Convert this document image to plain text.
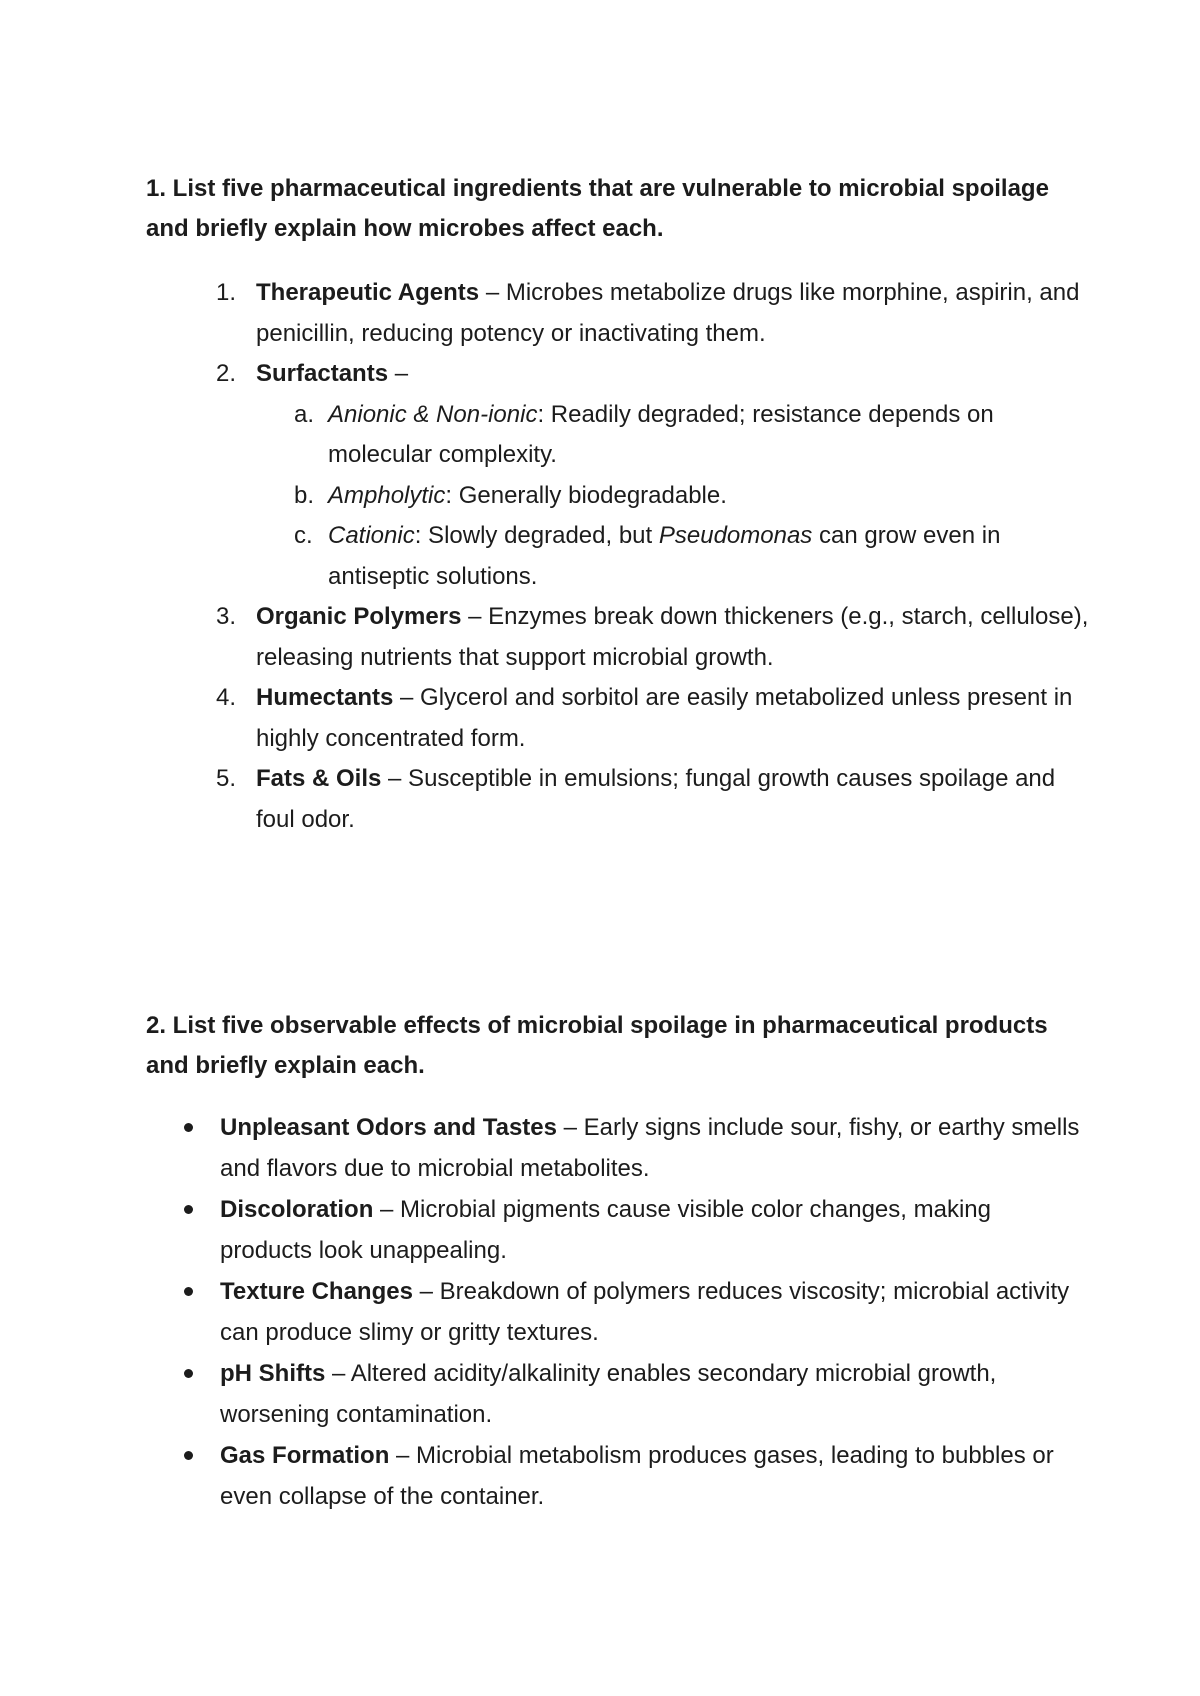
1. List five pharmaceutical ingredients that are vulnerable to microbial spoilage and briefly explain how microbes affect each.

1. Therapeutic Agents – Microbes metabolize drugs like morphine, aspirin, and penicillin, reducing potency or inactivating them.
2. Surfactants –
a. Anionic & Non-ionic: Readily degraded; resistance depends on molecular complexity.
b. Ampholytic: Generally biodegradable.
c. Cationic: Slowly degraded, but Pseudomonas can grow even in antiseptic solutions.
3. Organic Polymers – Enzymes break down thickeners (e.g., starch, cellulose), releasing nutrients that support microbial growth.
4. Humectants – Glycerol and sorbitol are easily metabolized unless present in highly concentrated form.
5. Fats & Oils – Susceptible in emulsions; fungal growth causes spoilage and foul odor.

2. List five observable effects of microbial spoilage in pharmaceutical products and briefly explain each.

Unpleasant Odors and Tastes – Early signs include sour, fishy, or earthy smells and flavors due to microbial metabolites.
Discoloration – Microbial pigments cause visible color changes, making products look unappealing.
Texture Changes – Breakdown of polymers reduces viscosity; microbial activity can produce slimy or gritty textures.
pH Shifts – Altered acidity/alkalinity enables secondary microbial growth, worsening contamination.
Gas Formation – Microbial metabolism produces gases, leading to bubbles or even collapse of the container.
